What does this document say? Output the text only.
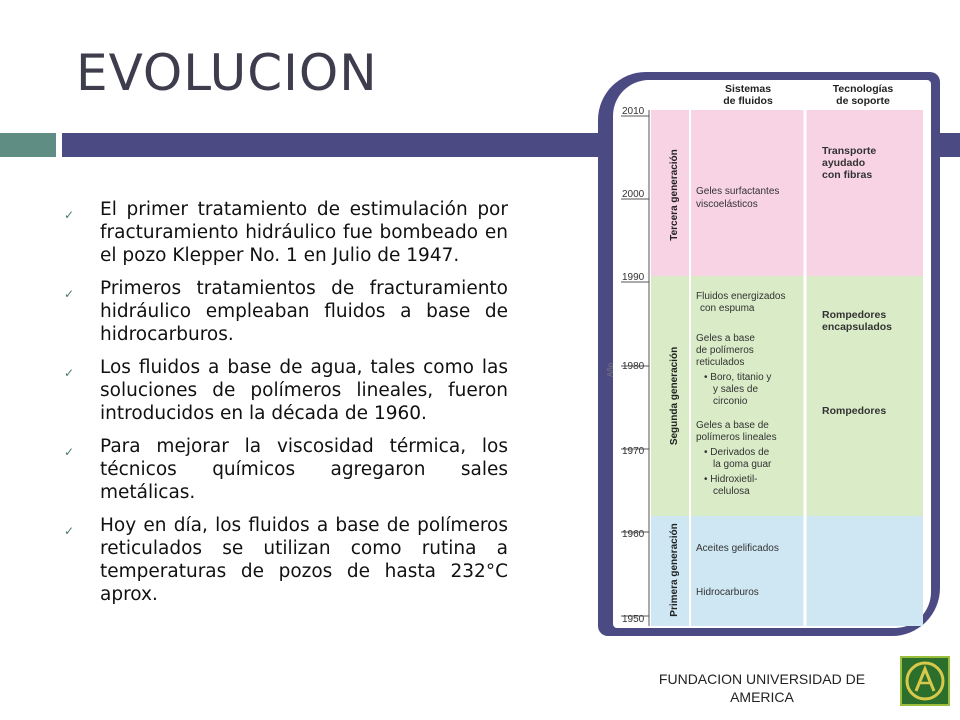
EVOLUCION
✓ El primer tratamiento de estimulación por fracturamiento hidráulico fue bombeado en el pozo Klepper No. 1 en Julio de 1947.
✓ Primeros tratamientos de fracturamiento hidráulico empleaban fluidos a base de hidrocarburos.
✓ Los fluidos a base de agua, tales como las soluciones de polímeros lineales, fueron introducidos en la década de 1960.
✓ Para mejorar la viscosidad térmica, los técnicos químicos agregaron sales metálicas.
✓ Hoy en día, los fluidos a base de polímeros reticulados se utilizan como rutina a temperaturas de pozos de hasta 232°C aprox.
Sistemas
de fluidos
Tecnologías
de soporte
2010
2000
1990
1980
1970
1960
1950
Año
Tercera generación
Segunda generación
Primera generación
Geles surfactantes
viscoelásticos
Fluidos energizados
con espuma
Geles a base
de polímeros
reticulados
• Boro, titanio y
y sales de
circonio
Geles a base de
polímeros lineales
• Derivados de
la goma guar
• Hidroxietil-
celulosa
Aceites gelificados
Hidrocarburos
Transporte
ayudado
con fibras
Rompedores
encapsulados
Rompedores
FUNDACION UNIVERSIDAD DE AMERICA
